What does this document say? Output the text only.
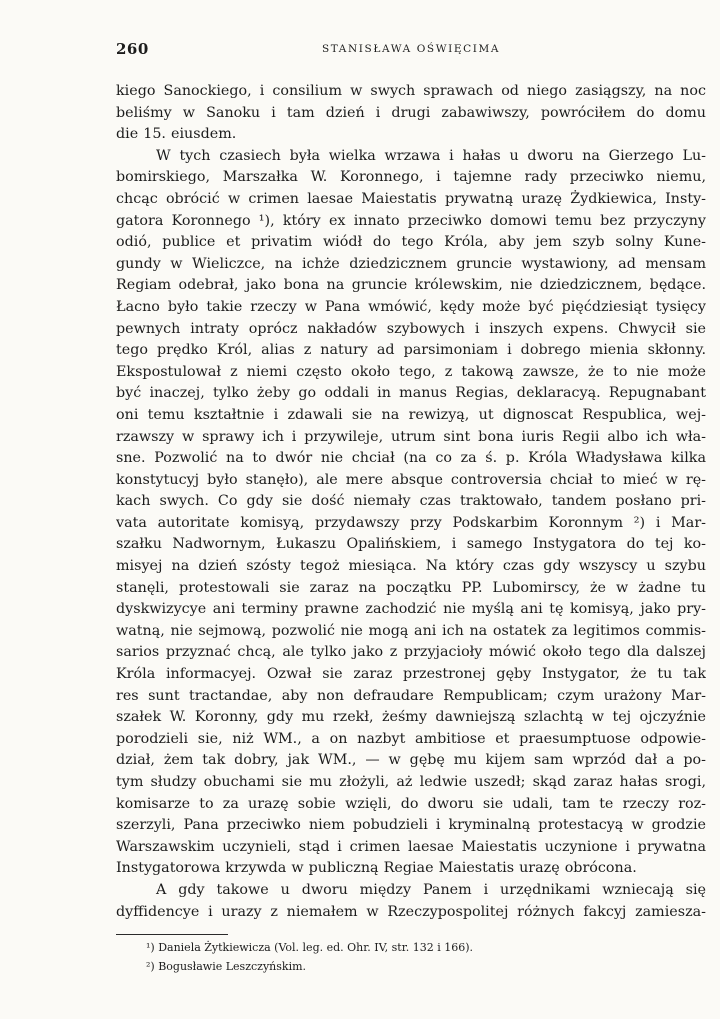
260	STANISŁAWA OŚWIĘCIMA
kiego Sanockiego, i consilium w swych sprawach od niego zasiągszy, na noc
beliśmy w Sanoku i tam dzień i drugi zabawiwszy, powróciłem do domu
die 15. eiusdem.
W tych czasiech była wielka wrzawa i hałas u dworu na Gierzego Lu-
bomirskiego, Marszałka W. Koronnego, i tajemne rady przeciwko niemu,
chcąc obrócić w crimen laesae Maiestatis prywatną urazę Żydkiewica, Insty-
gatora Koronnego ¹), który ex innato przeciwko domowi temu bez przyczyny
odió, publice et privatim wiódł do tego Króla, aby jem szyb solny Kune-
gundy w Wieliczce, na ichże dziedzicznem gruncie wystawiony, ad mensam
Regiam odebrał, jako bona na gruncie królewskim, nie dziedzicznem, będące.
Łacno było takie rzeczy w Pana wmówić, kędy może być pięćdziesiąt tysięcy
pewnych intraty oprócz nakładów szybowych i inszych expens. Chwycił sie
tego prędko Król, alias z natury ad parsimoniam i dobrego mienia skłonny.
Ekspostulował z niemi często około tego, z takową zawsze, że to nie może
być inaczej, tylko żeby go oddali in manus Regias, deklaracyą. Repugnabant
oni temu kształtnie i zdawali sie na rewizyą, ut dignoscat Respublica, wej-
rzawszy w sprawy ich i przywileje, utrum sint bona iuris Regii albo ich wła-
sne. Pozwolić na to dwór nie chciał (na co za ś. p. Króla Władysława kilka
konstytucyj było stanęło), ale mere absque controversia chciał to mieć w rę-
kach swych. Co gdy sie dość niemały czas traktowało, tandem posłano pri-
vata autoritate komisyą, przydawszy przy Podskarbim Koronnym ²) i Mar-
szałku Nadwornym, Łukaszu Opalińskiem, i samego Instygatora do tej ko-
misyej na dzień szósty tegoż miesiąca. Na który czas gdy wszyscy u szybu
stanęli, protestowali sie zaraz na początku PP. Lubomirscy, że w żadne tu
dyskwizycye ani terminy prawne zachodzić nie myślą ani tę komisyą, jako pry-
watną, nie sejmową, pozwolić nie mogą ani ich na ostatek za legitimos commis-
sarios przyznać chcą, ale tylko jako z przyjacioły mówić około tego dla dalszej
Króla informacyej. Ozwał sie zaraz przestronej gęby Instygator, że tu tak
res sunt tractandae, aby non defraudare Rempublicam; czym urażony Mar-
szałek W. Koronny, gdy mu rzekł, żeśmy dawniejszą szlachtą w tej ojczyźnie
porodzieli sie, niż WM., a on nazbyt ambitiose et praesumptuose odpowie-
dział, żem tak dobry, jak WM., — w gębę mu kijem sam wprzód dał a po-
tym słudzy obuchami sie mu złożyli, aż ledwie uszedł; skąd zaraz hałas srogi,
komisarze to za urazę sobie wzięli, do dworu sie udali, tam te rzeczy roz-
szerzyli, Pana przeciwko niem pobudzieli i kryminalną protestacyą w grodzie
Warszawskim uczynieli, stąd i crimen laesae Maiestatis uczynione i prywatna
Instygatorowa krzywda w publiczną Regiae Maiestatis urazę obrócona.
A gdy takowe u dworu między Panem i urzędnikami wzniecają się
dyffidencye i urazy z niemałem w Rzeczypospolitej różnych fakcyj zamiesza-
¹) Daniela Żytkiewicza (Vol. leg. ed. Ohr. IV, str. 132 i 166).
²) Bogusławie Leszczyńskim.
